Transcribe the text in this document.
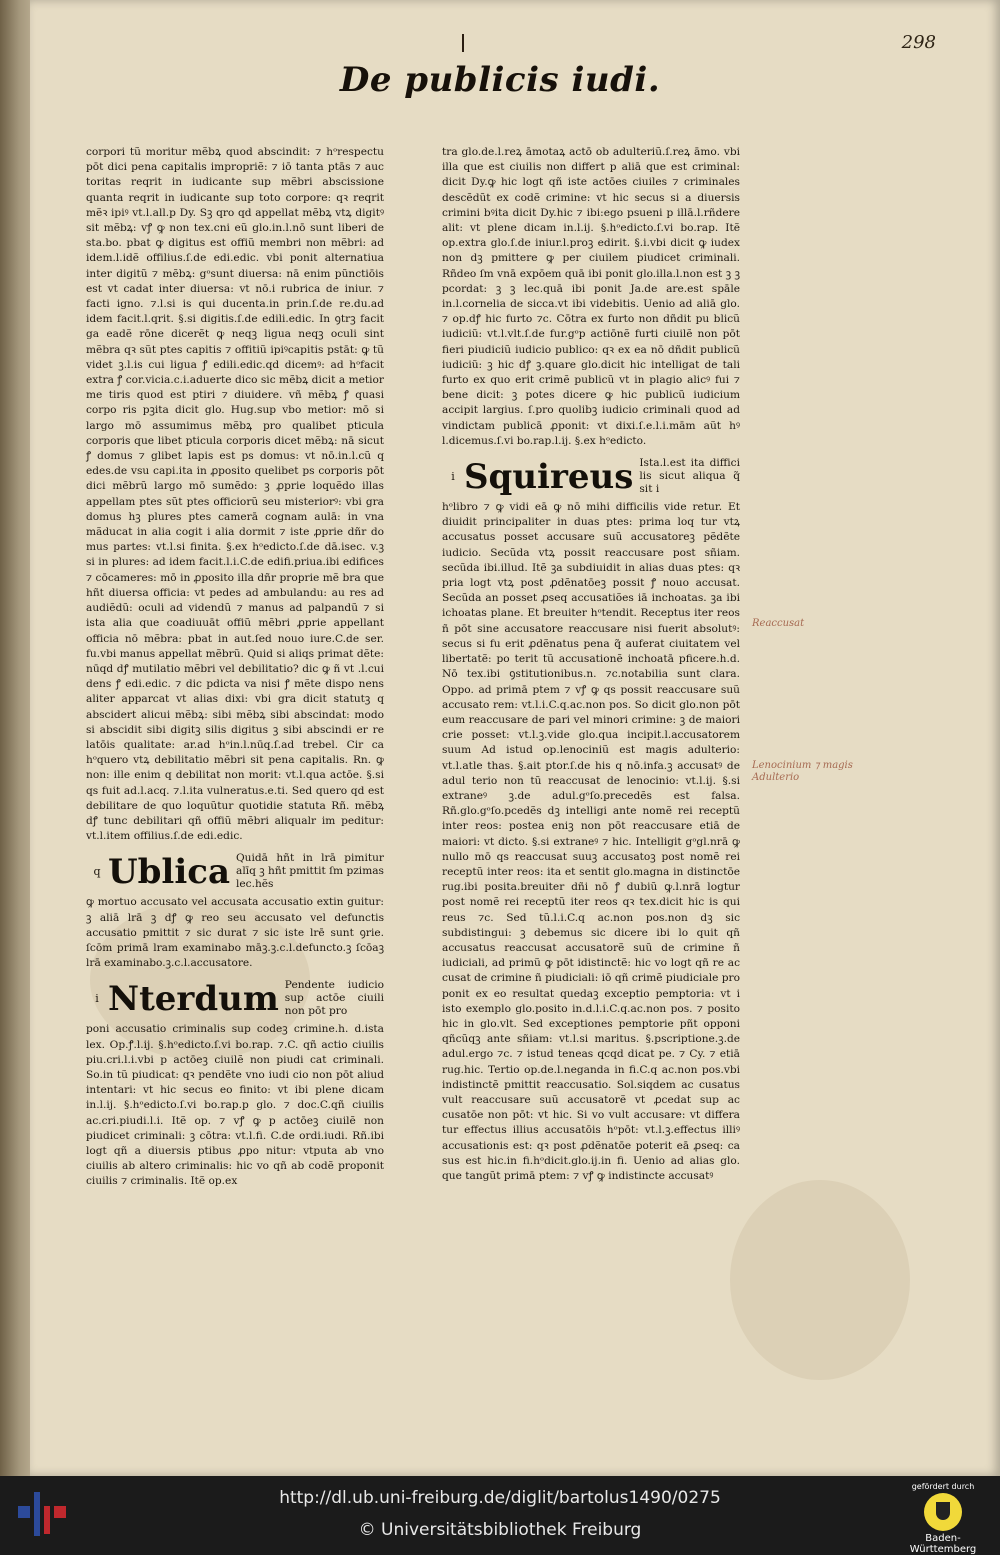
298
De publicis iudi.

corpori tũ moritur mẽbꝝ quod abscindit: ⁊ hᵒrespectu pōt dici pena capitalis impropriẽ: ⁊ iō tanta ptās ⁊ auc toritas reqrit in iudicante sup mẽbri abscissione quanta reqrit in iudicante sup toto corpore: qꝛ reqrit mẽꝛ ipiꝰ vt.l.all.p Dy. Sꝫ qro qd appellat mẽbꝝ vtꝝ digitꝰ sit mẽbꝝ: vꝭ ꝙ non tex.cni eũ glo.in.l.nō sunt liberi de sta.bo. pbat ꝙ digitus est offiũ membri non mẽbri: ad idem.l.idẽ offilius.ſ.de edi.edic. vbi ponit alternatiua inter digitũ ⁊ mẽbꝝ: gᵒsunt diuersa: nā enim pũnctiōis est vt cadat inter diuersa: vt nō.i rubrica de iniur. ⁊ facti igno. ⁊.l.si is qui ducenta.in prin.ſ.de re.du.ad idem facit.l.qrit. §.si digitis.ſ.de edili.edic. In ꝯtrꝫ facit ga eadẽ rōne dicerẽt ꝙ neqꝫ ligua neqꝫ oculi sint mẽbra qꝛ sũt ptes capitis ⁊ offitiũ ipiꝰcapitis pstāt: ꝙ tũ videt ꝫ.l.is cui ligua ꝭ edili.edic.qd dicemꝰ: ad hᵒfacit extra ꝭ cor.vicia.c.i.aduerte dico sic mẽbꝝ dicit a metior me tiris quod est ptiri ⁊ diuidere. vñ mẽbꝝ ꝭ quasi corpo ris pꝫita dicit glo. Hug.sup vbo metior: mō si largo mō assumimus mẽbꝝ pro qualibet pticula corporis que libet pticula corporis dicet mẽbꝝ: nā sicut ꝭ domus ⁊ glibet lapis est ps domus: vt nō.in.l.cũ q edes.de vsu capi.ita in ꝓposito quelibet ps corporis pōt dici mẽbrũ largo mō sumẽdo: ꝫ ꝓprie loquẽdo illas appellam ptes sũt ptes officiorũ seu misteriorꝰ: vbi gra domus hꝫ plures ptes camerā cognam aulā: in vna mãducat in alia cogit i alia dormit ⁊ iste ꝓprie dñr do mus partes: vt.l.si finita. §.ex hᵒedicto.ſ.de dā.isec. v.ꝫ si in plures: ad idem facit.l.i.C.de edifi.priua.ibi edifices ⁊ cōcameres: mō in ꝓposito illa dñr proprie mẽ bra que hñt diuersa officia: vt pedes ad ambulandu: au res ad audiẽdũ: oculi ad videndũ ⁊ manus ad palpandũ ⁊ si ista alia que coadiuuāt offiũ mẽbri ꝓprie appellant officia nō mẽbra: pbat in aut.ſed nouo iure.C.de ser. fu.vbi manus appellat mẽbrũ. Quid si aliqs primat dẽte: nūqd dꝭ mutilatio mẽbri vel debilitatio? dic ꝙ ñ vt .l.cui dens ꝭ edi.edic. ⁊ dic pdicta va nisi ꝭ mẽte dispo nens aliter apparcat vt alias dixi: vbi gra dicit statutꝫ q abscidert alicui mẽbꝝ: sibi mẽbꝝ sibi abscindat: modo si abscidit sibi digitꝫ silis digitus ꝫ sibi abscindi er re latōis qualitate: ar.ad hᵒin.l.nūq.ſ.ad trebel. Cir ca hᵒquero vtꝝ debilitatio mẽbri sit pena capitalis. Rn. ꝙ non: ille enim q debilitat non morit: vt.l.qua actōe. §.si qs fuit ad.l.acq. ⁊.l.ita vulneratus.e.ti. Sed quero qd est debilitare de quo loquũtur quotidie statuta Rñ. mẽbꝝ dꝭ tunc debilitari qñ offiũ mẽbri aliqualr im peditur: vt.l.item offilius.ſ.de edi.edic.

q Ublica Quidā hñt in lrā pimitur alīq ꝫ hñt pmittit ſm pzimas lec.hẽs

ꝙ mortuo accusato vel accusata accusatio extin guitur: ꝫ aliā lrā ꝫ dꝭ ꝙ reo seu accusato vel defunctis accusatio pmittit ⁊ sic durat ⁊ sic iste lrē sunt ꝯrie. ſcōm primā lram examinabo māꝫ.ꝫ.c.l.defuncto.ꝫ ſcōaꝫ lrā examinabo.ꝫ.c.l.accusatore.

i Nterdum Pendente iudicio sup actōe ciuili non pōt pro

poni accusatio criminalis sup codeꝫ crimine.h. d.ista lex. Op.ꝭ.l.ij. §.hᵒedicto.ſ.vi bo.rap. ⁊.C. qñ actio ciuilis piu.cri.l.i.vbi p actōeꝫ ciuilẽ non piudi cat criminali. So.in tũ piudicat: qꝛ pendẽte vno iudi cio non pōt aliud intentari: vt hic secus eo finito: vt ibi plene dicam in.l.ij. §.hᵒedicto.ſ.vi bo.rap.p glo. ⁊ doc.C.qñ ciuilis ac.cri.piudi.l.i. Itẽ op. ⁊ vꝭ ꝙ p actōeꝫ ciuilẽ non piudicet criminali: ꝫ cōtra: vt.l.fi. C.de ordi.iudi. Rñ.ibi logt qñ a diuersis ptibus ꝓpo nitur: vtputa ab vno ciuilis ab altero criminalis: hic vo qñ ab codẽ proponit ciuilis ⁊ criminalis. Itẽ op.ex

tra glo.de.l.reꝝ āmotaꝝ actō ob adulteriũ.ſ.reꝝ āmo. vbi illa que est ciuilis non differt p aliā que est criminal: dicit Dy.ꝙ hic logt qñ iste actōes ciuiles ⁊ criminales descẽdũt ex codẽ crimine: vt hic secus si a diuersis crimini bꝰita dicit Dy.hic ⁊ ibi:ego psueni p illā.l.rñdere alit: vt plene dicam in.l.ij. §.hᵒedicto.ſ.vi bo.rap. Itẽ op.extra glo.ſ.de iniur.l.proꝫ edirit. §.i.vbi dicit ꝙ iudex non dꝫ pmittere ꝙ per ciuilem piudicet criminali. Rñdeo ſm vnā expōem quā ibi ponit glo.illa.l.non est ꝫ ꝫ pcordat: ꝫ ꝫ lec.quā ibi ponit Ja.de are.est spāle in.l.cornelia de sicca.vt ibi videbitis. Uenio ad aliā glo. ⁊ op.dꝭ hic furto ⁊c. Cōtra ex furto non dñdit pu blicũ iudiciũ: vt.l.vlt.ſ.de fur.gᵒp actiōnẽ furti ciuilẽ non pōt fieri piudiciũ iudicio publico: qꝛ ex ea nō dñdit publicũ iudiciũ: ꝫ hic dꝭ ꝫ.quare glo.dicit hic intelligat de tali furto ex quo erit crimẽ publicũ vt in plagio alicꝰ fui ⁊ bene dicit: ꝫ potes dicere ꝙ hic publicũ iudicium accipit largius. ſ.pro quolibꝫ iudicio criminali quod ad vindictam publicā ꝓponit: vt dixi.ſ.e.l.i.mām aũt hꝰ l.dicemus.ſ.vi bo.rap.l.ij. §.ex hᵒedicto.

i Squireus Ista.l.est ita diffici lis sicut aliqua q̃ sit i

hᵒlibro ⁊ ꝙ vidi eā ꝙ nō mihi difficilis vide retur. Et diuidit principaliter in duas ptes: prima loq tur vtꝝ accusatus posset accusare suũ accusatoreꝫ pẽdẽte iudicio. Secũda vtꝝ possit reaccusare post sñiam. secũda ibi.illud. Itẽ ꝫa subdiuidit in alias duas ptes: qꝛ pria logt vtꝝ post ꝓdẽnatōeꝫ possit ꝭ nouo accusat. Secũda an posset ꝓseq accusatiões iā inchoatas. ꝫa ibi ichoatas plane. Et breuiter hᵒtendit. Receptus iter reos ñ pōt sine accusatore reaccusare nisi fuerit absolutꝰ: secus si fu erit ꝓdẽnatus pena q̃ auferat ciuitatem vel libertatẽ: po terit tũ accusationẽ inchoatā pficere.h.d. Nō tex.ibi ꝯstitutionibus.n. ⁊c.notabilia sunt clara. Oppo. ad primā ptem ⁊ vꝭ ꝙ qs possit reaccusare suũ accusato rem: vt.l.i.C.q.ac.non pos. So dicit glo.non pōt eum reaccusare de pari vel minori crimine: ꝫ de maiori crie posset: vt.l.ꝫ.vide glo.qua incipit.l.accusatorem suum Ad istud op.lenociniũ est magis adulterio: vt.l.atle thas. §.ait ptor.ſ.de his q nō.infa.ꝫ accusatꝰ de adul terio non tũ reaccusat de lenocinio: vt.l.ij. §.si extraneꝰ ꝫ.de adul.gᵒſo.precedẽs est falsa. Rñ.glo.gᵒſo.pcedẽs dꝫ intelligi ante nomẽ rei receptũ inter reos: postea eniꝫ non pōt reaccusare etiā de maiori: vt dicto. §.si extraneꝰ ⁊ hic. Intelligit gᵒgl.nrā ꝙ nullo mō qs reaccusat suuꝫ accusatoꝫ post nomẽ rei receptũ inter reos: ita et sentit glo.magna in distinctōe rug.ibi posita.breuiter dñi nō ꝭ dubiũ ꝙ.l.nrā logtur post nomẽ rei receptũ iter reos qꝛ tex.dicit hic is qui reus ⁊c. Sed tũ.l.i.C.q ac.non pos.non dꝫ sic subdistingui: ꝫ debemus sic dicere ibi lo quit qñ accusatus reaccusat accusatorẽ suũ de crimine ñ iudiciali, ad primũ ꝙ pōt idistinctẽ: hic vo logt qñ re ac cusat de crimine ñ piudiciali: iō qñ crimẽ piudiciale pro ponit ex eo resultat quedaꝫ exceptio pemptoria: vt i isto exemplo glo.posito in.d.l.i.C.q.ac.non pos. ⁊ posito hic in glo.vlt. Sed exceptiones pemptorie pñt opponi qñcũqꝫ ante sñiam: vt.l.si maritus. §.pscriptione.ꝫ.de adul.ergo ⁊c. ⁊ istud teneas qcqd dicat pe. ⁊ Cy. ⁊ etiā rug.hic. Tertio op.de.l.neganda in fi.C.q ac.non pos.vbi indistinctẽ pmittit reaccusatio. Sol.siqdem ac cusatus vult reaccusare suũ accusatorẽ vt ꝓcedat sup ac cusatōe non pōt: vt hic. Si vo vult accusare: vt differa tur effectus illius accusatōis hᵒpōt: vt.l.ꝫ.effectus illiꝰ accusationis est: qꝛ post ꝓdẽnatōe poterit eā ꝓseq: ca sus est hic.in fi.hᵒdicit.glo.ij.in fi. Uenio ad alias glo. que tangũt primā ptem: ⁊ vꝭ ꝙ indistincte accusatꝰ

Reaccusat
Lenocinium ⁊ magis Adulterio
http://dl.ub.uni-freiburg.de/diglit/bartolus1490/0275
© Universitätsbibliothek Freiburg
gefördert durch
Baden-Württemberg
